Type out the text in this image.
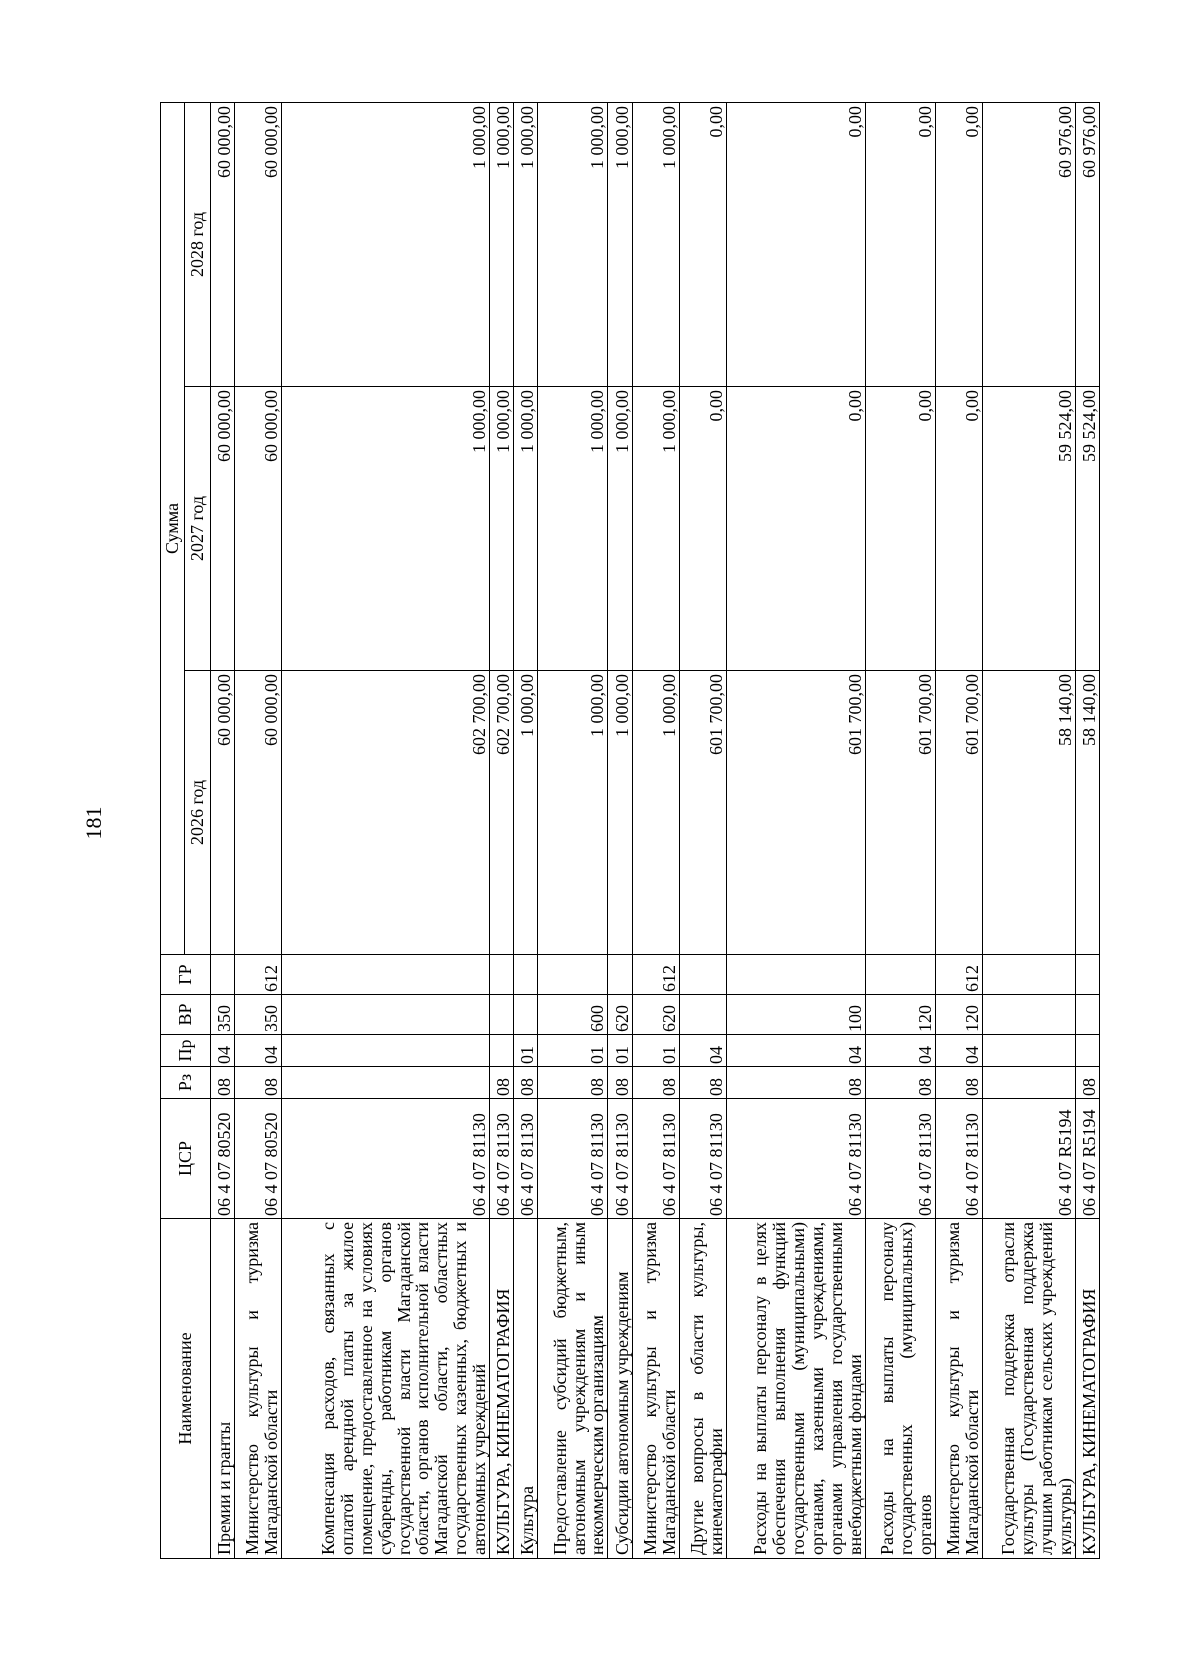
181
Наименование	ЦСР	Рз	Пр	ВР	ГР	Сумма		
						2026 год	2027 год	2028 год
Премии и гранты	06 4 07 80520	08	04	350		60 000,00	60 000,00	60 000,00
Министерство культуры и туризма Магаданской области	06 4 07 80520	08	04	350	612	60 000,00	60 000,00	60 000,00
Компенсация расходов, связанных с оплатой арендной платы за жилое помещение, предоставленное на условиях субаренды, работникам органов государственной власти Магаданской области, органов исполнительной власти Магаданской области, областных государственных казенных, бюджетных и автономных учреждений	06 4 07 81130					602 700,00	1 000,00	1 000,00
КУЛЬТУРА, КИНЕМАТОГРАФИЯ	06 4 07 81130	08				602 700,00	1 000,00	1 000,00
Культура	06 4 07 81130	08	01			1 000,00	1 000,00	1 000,00
Предоставление субсидий бюджетным, автономным учреждениям и иным некоммерческим организациям	06 4 07 81130	08	01	600		1 000,00	1 000,00	1 000,00
Субсидии автономным учреждениям	06 4 07 81130	08	01	620		1 000,00	1 000,00	1 000,00
Министерство культуры и туризма Магаданской области	06 4 07 81130	08	01	620	612	1 000,00	1 000,00	1 000,00
Другие вопросы в области культуры, кинематографии	06 4 07 81130	08	04			601 700,00	0,00	0,00
Расходы на выплаты персоналу в целях обеспечения выполнения функций государственными (муниципальными) органами, казенными учреждениями, органами управления государственными внебюджетными фондами	06 4 07 81130	08	04	100		601 700,00	0,00	0,00
Расходы на выплаты персоналу государственных (муниципальных) органов	06 4 07 81130	08	04	120		601 700,00	0,00	0,00
Министерство культуры и туризма Магаданской области	06 4 07 81130	08	04	120	612	601 700,00	0,00	0,00
Государственная поддержка отрасли культуры (Государственная поддержка лучшим работникам сельских учреждений культуры)	06 4 07 R5194					58 140,00	59 524,00	60 976,00
КУЛЬТУРА, КИНЕМАТОГРАФИЯ	06 4 07 R5194	08				58 140,00	59 524,00	60 976,00
